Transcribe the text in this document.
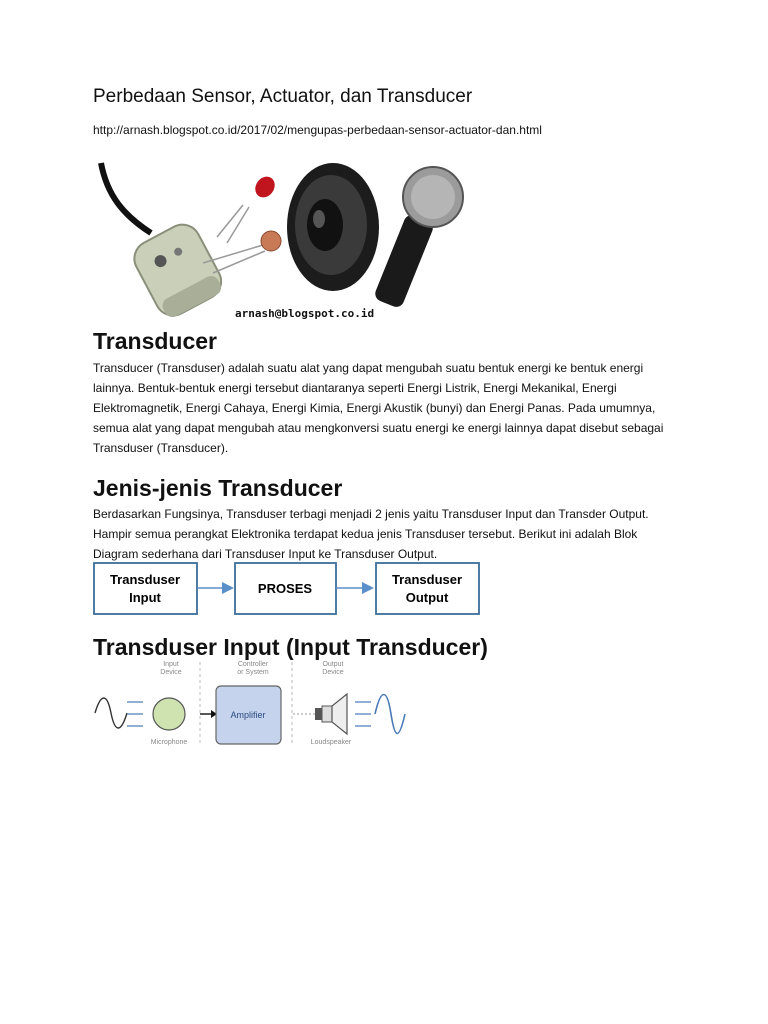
Perbedaan Sensor, Actuator, dan Transducer
http://arnash.blogspot.co.id/2017/02/mengupas-perbedaan-sensor-actuator-dan.html
arnash@blogspot.co.id
Transducer

Transducer (Transduser) adalah suatu alat yang dapat mengubah suatu bentuk energi ke bentuk energi lainnya. Bentuk-bentuk energi tersebut diantaranya seperti Energi Listrik, Energi Mekanikal, Energi Elektromagnetik, Energi Cahaya, Energi Kimia, Energi Akustik (bunyi) dan Energi Panas. Pada umumnya, semua alat yang dapat mengubah atau mengkonversi suatu energi ke energi lainnya dapat disebut sebagai Transduser (Transducer).

Jenis-jenis Transducer

Berdasarkan Fungsinya, Transduser terbagi menjadi 2 jenis yaitu Transduser Input dan Transder Output. Hampir semua perangkat Elektronika terdapat kedua jenis Transduser tersebut. Berikut ini adalah Blok Diagram sederhana dari Transduser Input ke Transduser Output.

Transduser
Input
PROSES
Transduser
Output
Transduser Input (Input Transducer)
Input
Device
Controller
or System
Output
Device
Microphone	Loudspeaker
Amplifier
